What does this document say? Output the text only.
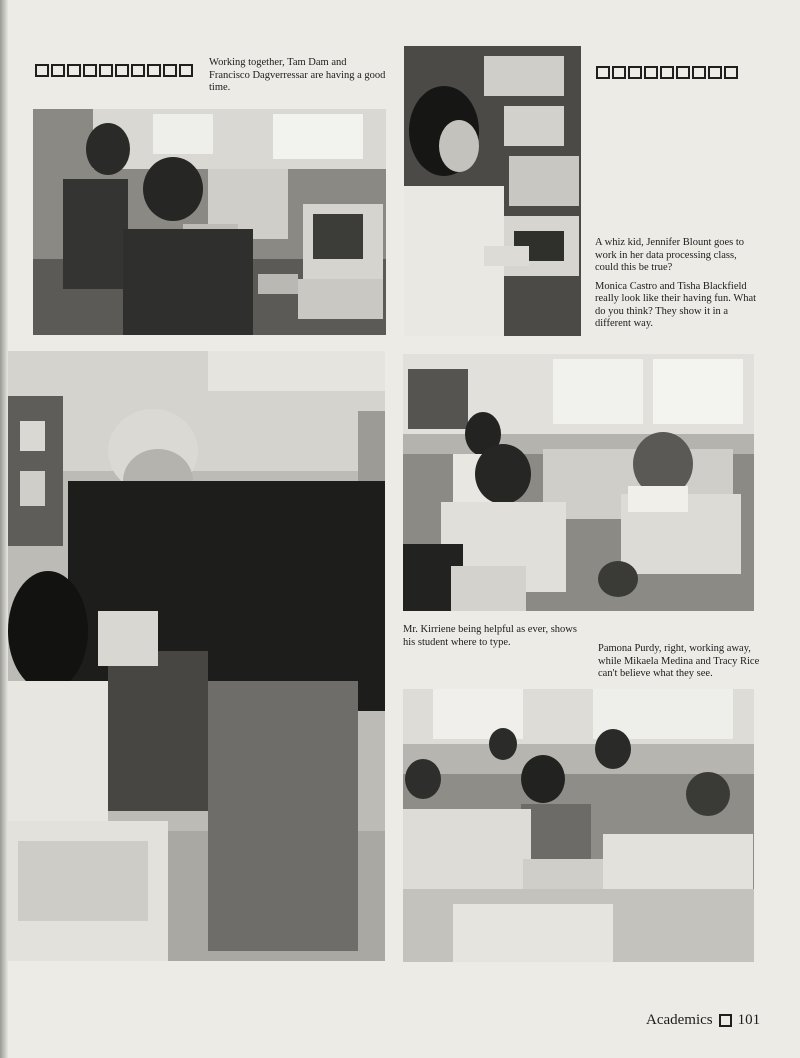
Working together, Tam Dam and Francisco Dagverressar are having a good time.

A whiz kid, Jennifer Blount goes to work in her data processing class, could this be true?

Monica Castro and Tisha Blackfield really look like their having fun. What do you think? They show it in a different way.

Mr. Kirriene being helpful as ever, shows his student where to type.

Pamona Purdy, right, working away, while Mikaela Medina and Tracy Rice can't believe what they see.

Academics 101
